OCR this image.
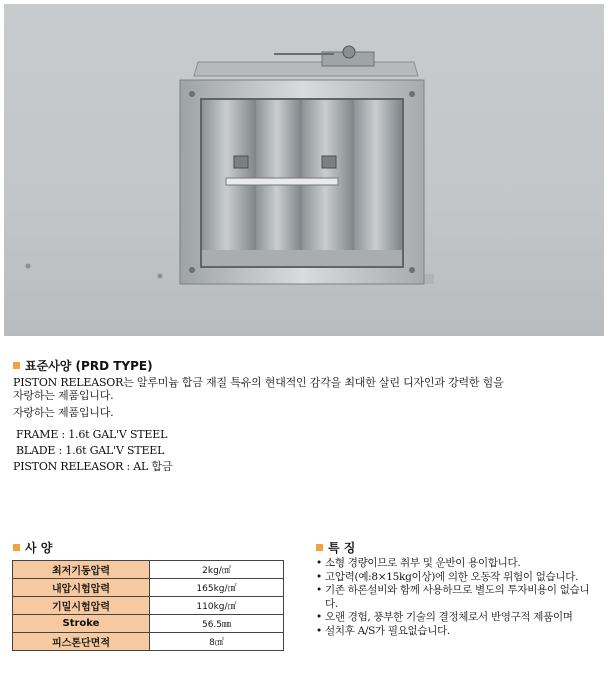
표준사양 (PRD TYPE)
PISTON RELEASOR는 알루미늄 합금 재질 특유의 현대적인 감각을 최대한 살린 디자인과 강력한 힘을
자랑하는 제품입니다.
자랑하는 제품입니다.
FRAME : 1.6t GAL'V STEEL
BLADE : 1.6t GAL'V STEEL
PISTON RELEASOR : AL 합금
사 양
최저기동압력	2kg/㎠
내압시험압력	165kg/㎠
기밀시험압력	110kg/㎠
Stroke	56.5㎜
피스톤단면적	8㎠
특 징
• 소형 경량이므로 취부 및 운반이 용이합니다.
• 고압력(예:8×15kg이상)에 의한 오동작 위험이 없습니다.
• 기존 하론설비와 함께 사용하므로 별도의 투자비용이 없습니다.
• 오랜 경험, 풍부한 기술의 결정체로서 반영구적 제품이며
• 설치후 A/S가 필요없습니다.
